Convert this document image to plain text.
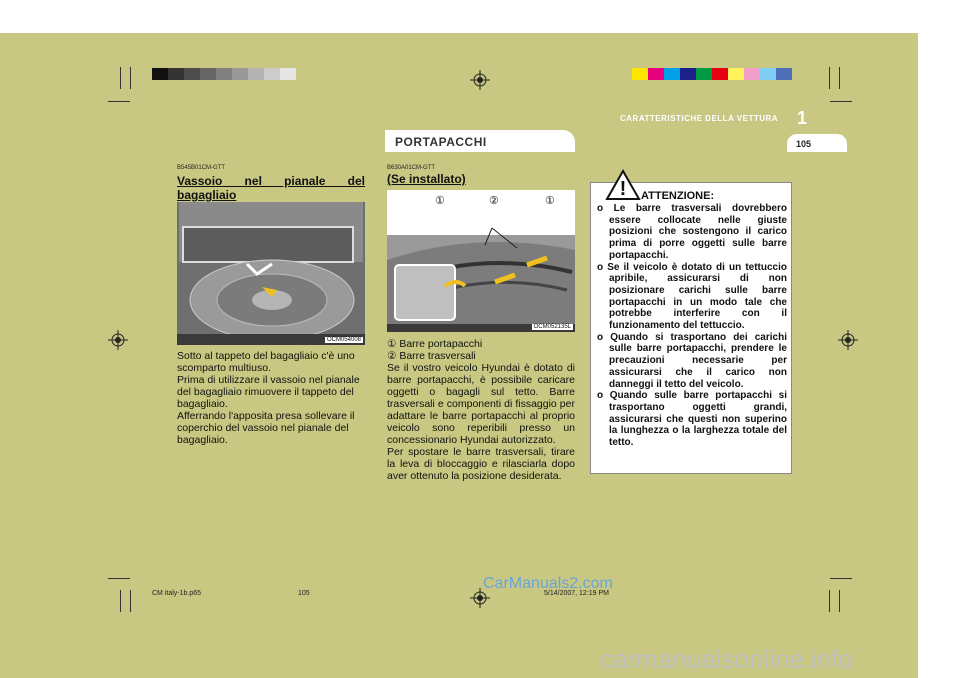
CARATTERISTICHE DELLA VETTURA 1
PORTAPACCHI	105
B545B01CM-GTT
Vassoio nel pianale del bagagliaio
OCM054008

Sotto al tappeto del bagagliaio c'è uno scomparto multiuso.

Prima di utilizzare il vassoio nel pianale del bagagliaio rimuovere il tappeto del bagagliaio.

Afferrando l'apposita presa sollevare il coperchio del vassoio nel pianale del bagagliaio.

B630A01CM-GTT
(Se installato)
①	②	①
OCM052135L

① Barre portapacchi

② Barre trasversali

Se il vostro veicolo Hyundai è dotato di barre portapacchi, è possibile caricare oggetti o bagagli sul tetto. Barre trasversali e componenti di fissaggio per adattare le barre portapacchi al proprio veicolo sono reperibili presso un concessionario Hyundai autorizzato.

Per spostare le barre trasversali, tirare la leva di bloccaggio e rilasciarla dopo aver ottenuto la posizione desiderata.

! ATTENZIONE:
o Le barre trasversali dovrebbero essere collocate nelle giuste posizioni che sostengono il carico prima di porre oggetti sulle barre portapacchi.
o Se il veicolo è dotato di un tettuccio apribile, assicurarsi di non posizionare carichi sulle barre portapacchi in un modo tale che potrebbe interferire con il funzionamento del tettuccio.
o Quando si trasportano dei carichi sulle barre portapacchi, prendere le precauzioni necessarie per assicurarsi che il carico non danneggi il tetto del veicolo.
o Quando sulle barre portapacchi si trasportano oggetti grandi, assicurarsi che questi non superino la lunghezza o la larghezza totale del tetto.
CM italy-1b.p65	105	5/14/2007, 12:19 PM
CarManuals2.com
carmanualsonline.info
